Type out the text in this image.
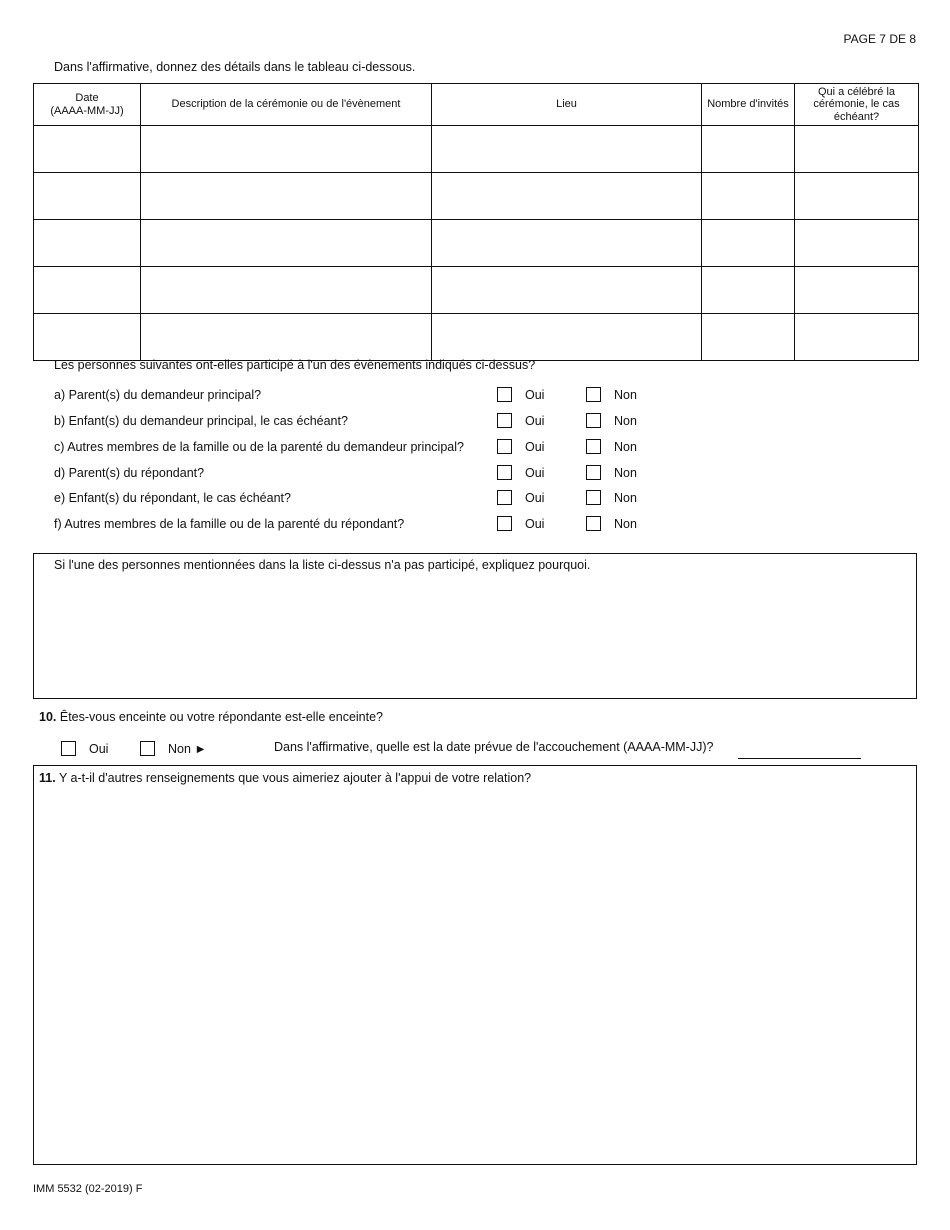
PAGE 7 DE 8
Dans l'affirmative, donnez des détails dans le tableau ci-dessous.
Date
(AAAA-MM-JJ)	Description de la cérémonie ou de l'évènement	Lieu	Nombre d'invités	Qui a célébré la cérémonie, le cas échéant?

Les personnes suivantes ont-elles participé à l'un des évènements indiqués ci-dessus?
a) Parent(s) du demandeur principal?	Oui	Non
b) Enfant(s) du demandeur principal, le cas échéant?	Oui	Non
c) Autres membres de la famille ou de la parenté du demandeur principal?	Oui	Non
d) Parent(s) du répondant?	Oui	Non
e) Enfant(s) du répondant, le cas échéant?	Oui	Non
f) Autres membres de la famille ou de la parenté du répondant?	Oui	Non
Si l'une des personnes mentionnées dans la liste ci-dessus n'a pas participé, expliquez pourquoi.
10. Êtes-vous enceinte ou votre répondante est-elle enceinte?
Oui	Non ►	Dans l'affirmative, quelle est la date prévue de l'accouchement (AAAA-MM-JJ)?
11. Y a-t-il d'autres renseignements que vous aimeriez ajouter à l'appui de votre relation?
IMM 5532 (02-2019) F
